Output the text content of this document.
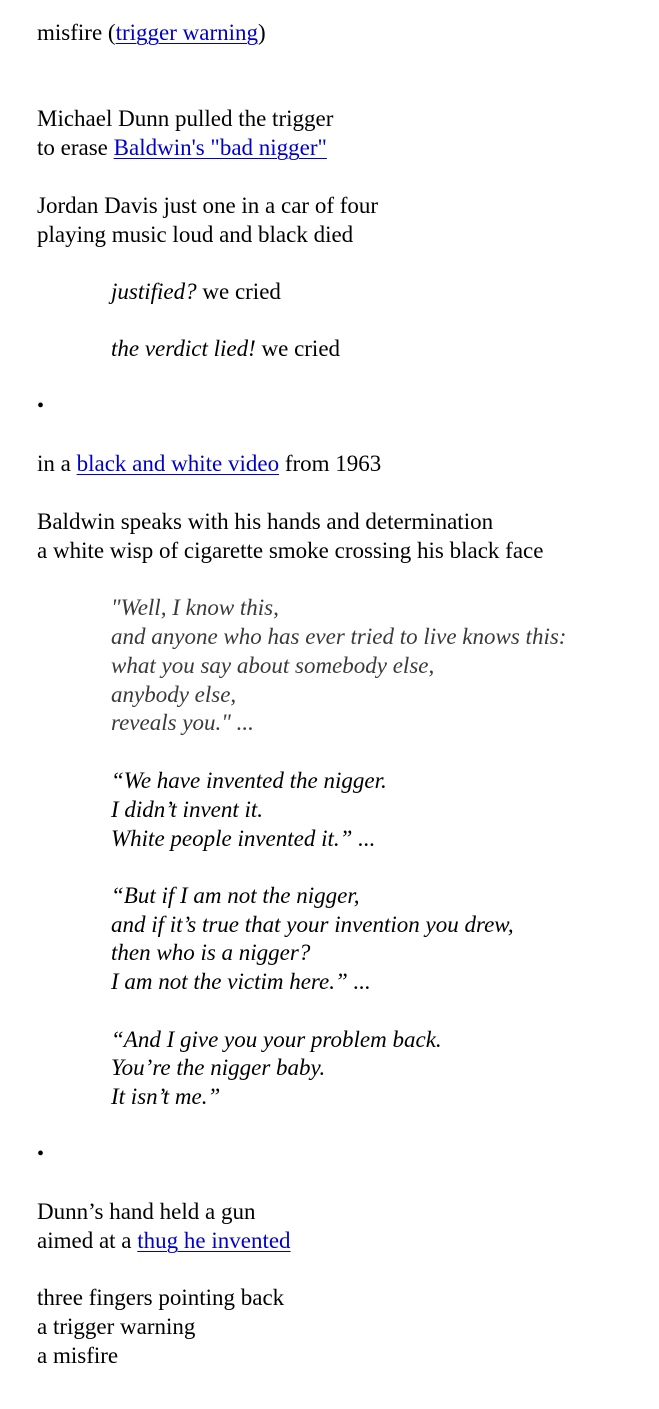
misfire (trigger warning)
Michael Dunn pulled the trigger
to erase Baldwin's "bad nigger"
Jordan Davis just one in a car of four
playing music loud and black died
justified? we cried
the verdict lied! we cried
•
in a black and white video from 1963
Baldwin speaks with his hands and determination
a white wisp of cigarette smoke crossing his black face
"Well, I know this,
and anyone who has ever tried to live knows this:
what you say about somebody else,
anybody else,
reveals you." ...
“We have invented the nigger.
I didn’t invent it.
White people invented it.” ...
“But if I am not the nigger,
and if it’s true that your invention you drew,
then who is a nigger?
I am not the victim here.” ...
“And I give you your problem back.
You’re the nigger baby.
It isn’t me.”
•
Dunn’s hand held a gun
aimed at a thug he invented
three fingers pointing back
a trigger warning
a misfire
